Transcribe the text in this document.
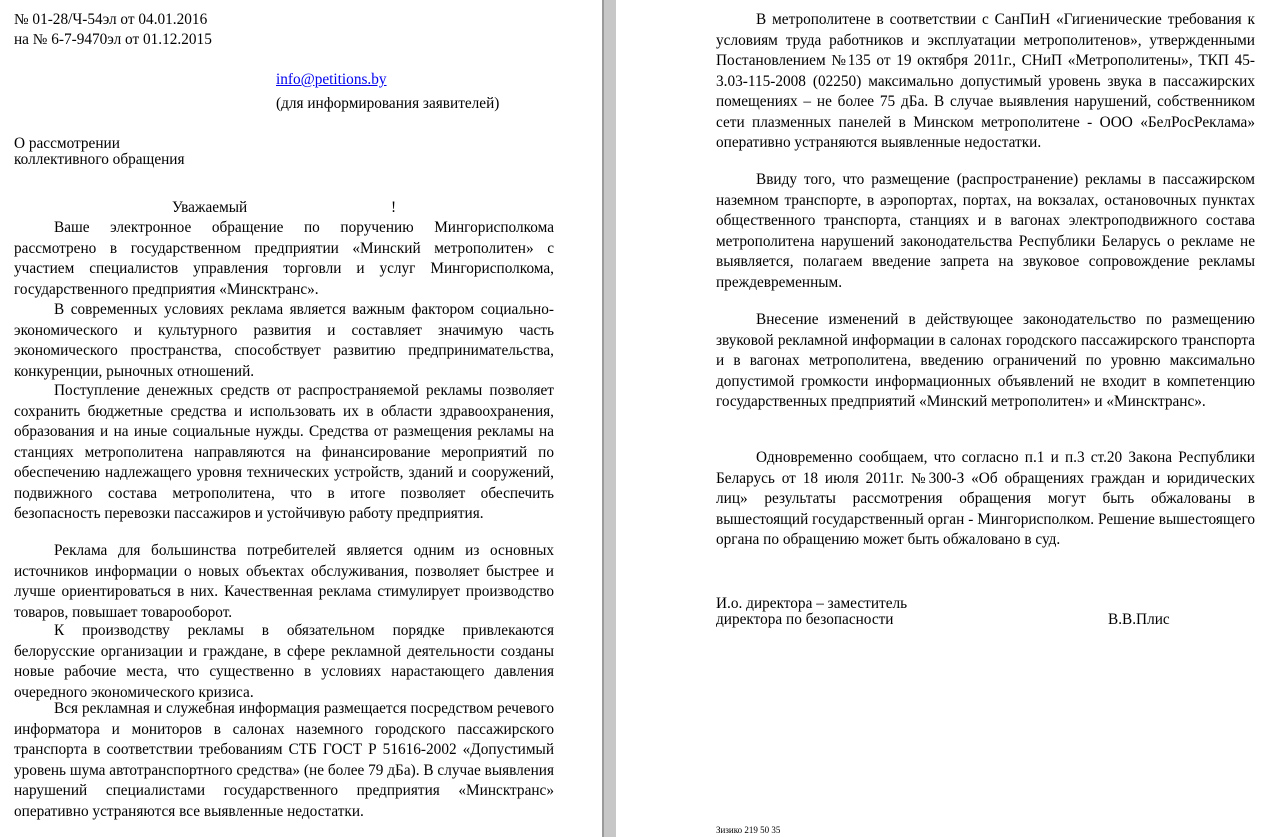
№ 01-28/Ч-54эл от 04.01.2016
на № 6-7-9470эл от 01.12.2015
info@petitions.by
(для информирования заявителей)
О рассмотрении
коллективного обращения
Уважаемый	!
Ваше электронное обращение по поручению Мингорисполкома рассмотрено в государственном предприятии «Минский метрополитен» с участием специалистов управления торговли и услуг Мингорисполкома, государственного предприятия «Минсктранс».
В современных условиях реклама является важным фактором социально-экономического и культурного развития и составляет значимую часть экономического пространства, способствует развитию предпринимательства, конкуренции, рыночных отношений.
Поступление денежных средств от распространяемой рекламы позволяет сохранить бюджетные средства и использовать их в области здравоохранения, образования и на иные социальные нужды. Средства от размещения рекламы на станциях метрополитена направляются на финансирование мероприятий по обеспечению надлежащего уровня технических устройств, зданий и сооружений, подвижного состава метрополитена, что в итоге позволяет обеспечить безопасность перевозки пассажиров и устойчивую работу предприятия.
Реклама для большинства потребителей является одним из основных источников информации о новых объектах обслуживания, позволяет быстрее и лучше ориентироваться в них. Качественная реклама стимулирует производство товаров, повышает товарооборот.
К производству рекламы в обязательном порядке привлекаются белорусские организации и граждане, в сфере рекламной деятельности созданы новые рабочие места, что существенно в условиях нарастающего давления очередного экономического кризиса.
Вся рекламная и служебная информация размещается посредством речевого информатора и мониторов в салонах наземного городского пассажирского транспорта в соответствии требованиям СТБ ГОСТ Р 51616-2002 «Допустимый уровень шума автотранспортного средства» (не более 79 дБа). В случае выявления нарушений специалистами государственного предприятия «Минсктранс» оперативно устраняются все выявленные недостатки.
В метрополитене в соответствии с СанПиН «Гигиенические требования к условиям труда работников и эксплуатации метрополитенов», утвержденными Постановлением №135 от 19 октября 2011г., СНиП «Метрополитены», ТКП 45-3.03-115-2008 (02250) максимально допустимый уровень звука в пассажирских помещениях – не более 75 дБа. В случае выявления нарушений, собственником сети плазменных панелей в Минском метрополитене - ООО «БелРосРеклама» оперативно устраняются выявленные недостатки.
Ввиду того, что размещение (распространение) рекламы в пассажирском наземном транспорте, в аэропортах, портах, на вокзалах, остановочных пунктах общественного транспорта, станциях и в вагонах электроподвижного состава метрополитена нарушений законодательства Республики Беларусь о рекламе не выявляется, полагаем введение запрета на звуковое сопровождение рекламы преждевременным.
Внесение изменений в действующее законодательство по размещению звуковой рекламной информации в салонах городского пассажирского транспорта и в вагонах метрополитена, введению ограничений по уровню максимально допустимой громкости информационных объявлений не входит в компетенцию государственных предприятий «Минский метрополитен» и «Минсктранс».
Одновременно сообщаем, что согласно п.1 и п.3 ст.20 Закона Республики Беларусь от 18 июля 2011г. №300-З «Об обращениях граждан и юридических лиц» результаты рассмотрения обращения могут быть обжалованы в вышестоящий государственный орган - Мингорисполком. Решение вышестоящего органа по обращению может быть обжаловано в суд.
И.о. директора – заместитель
директора по безопасности	В.В.Плис
Зизико 219 50 35
